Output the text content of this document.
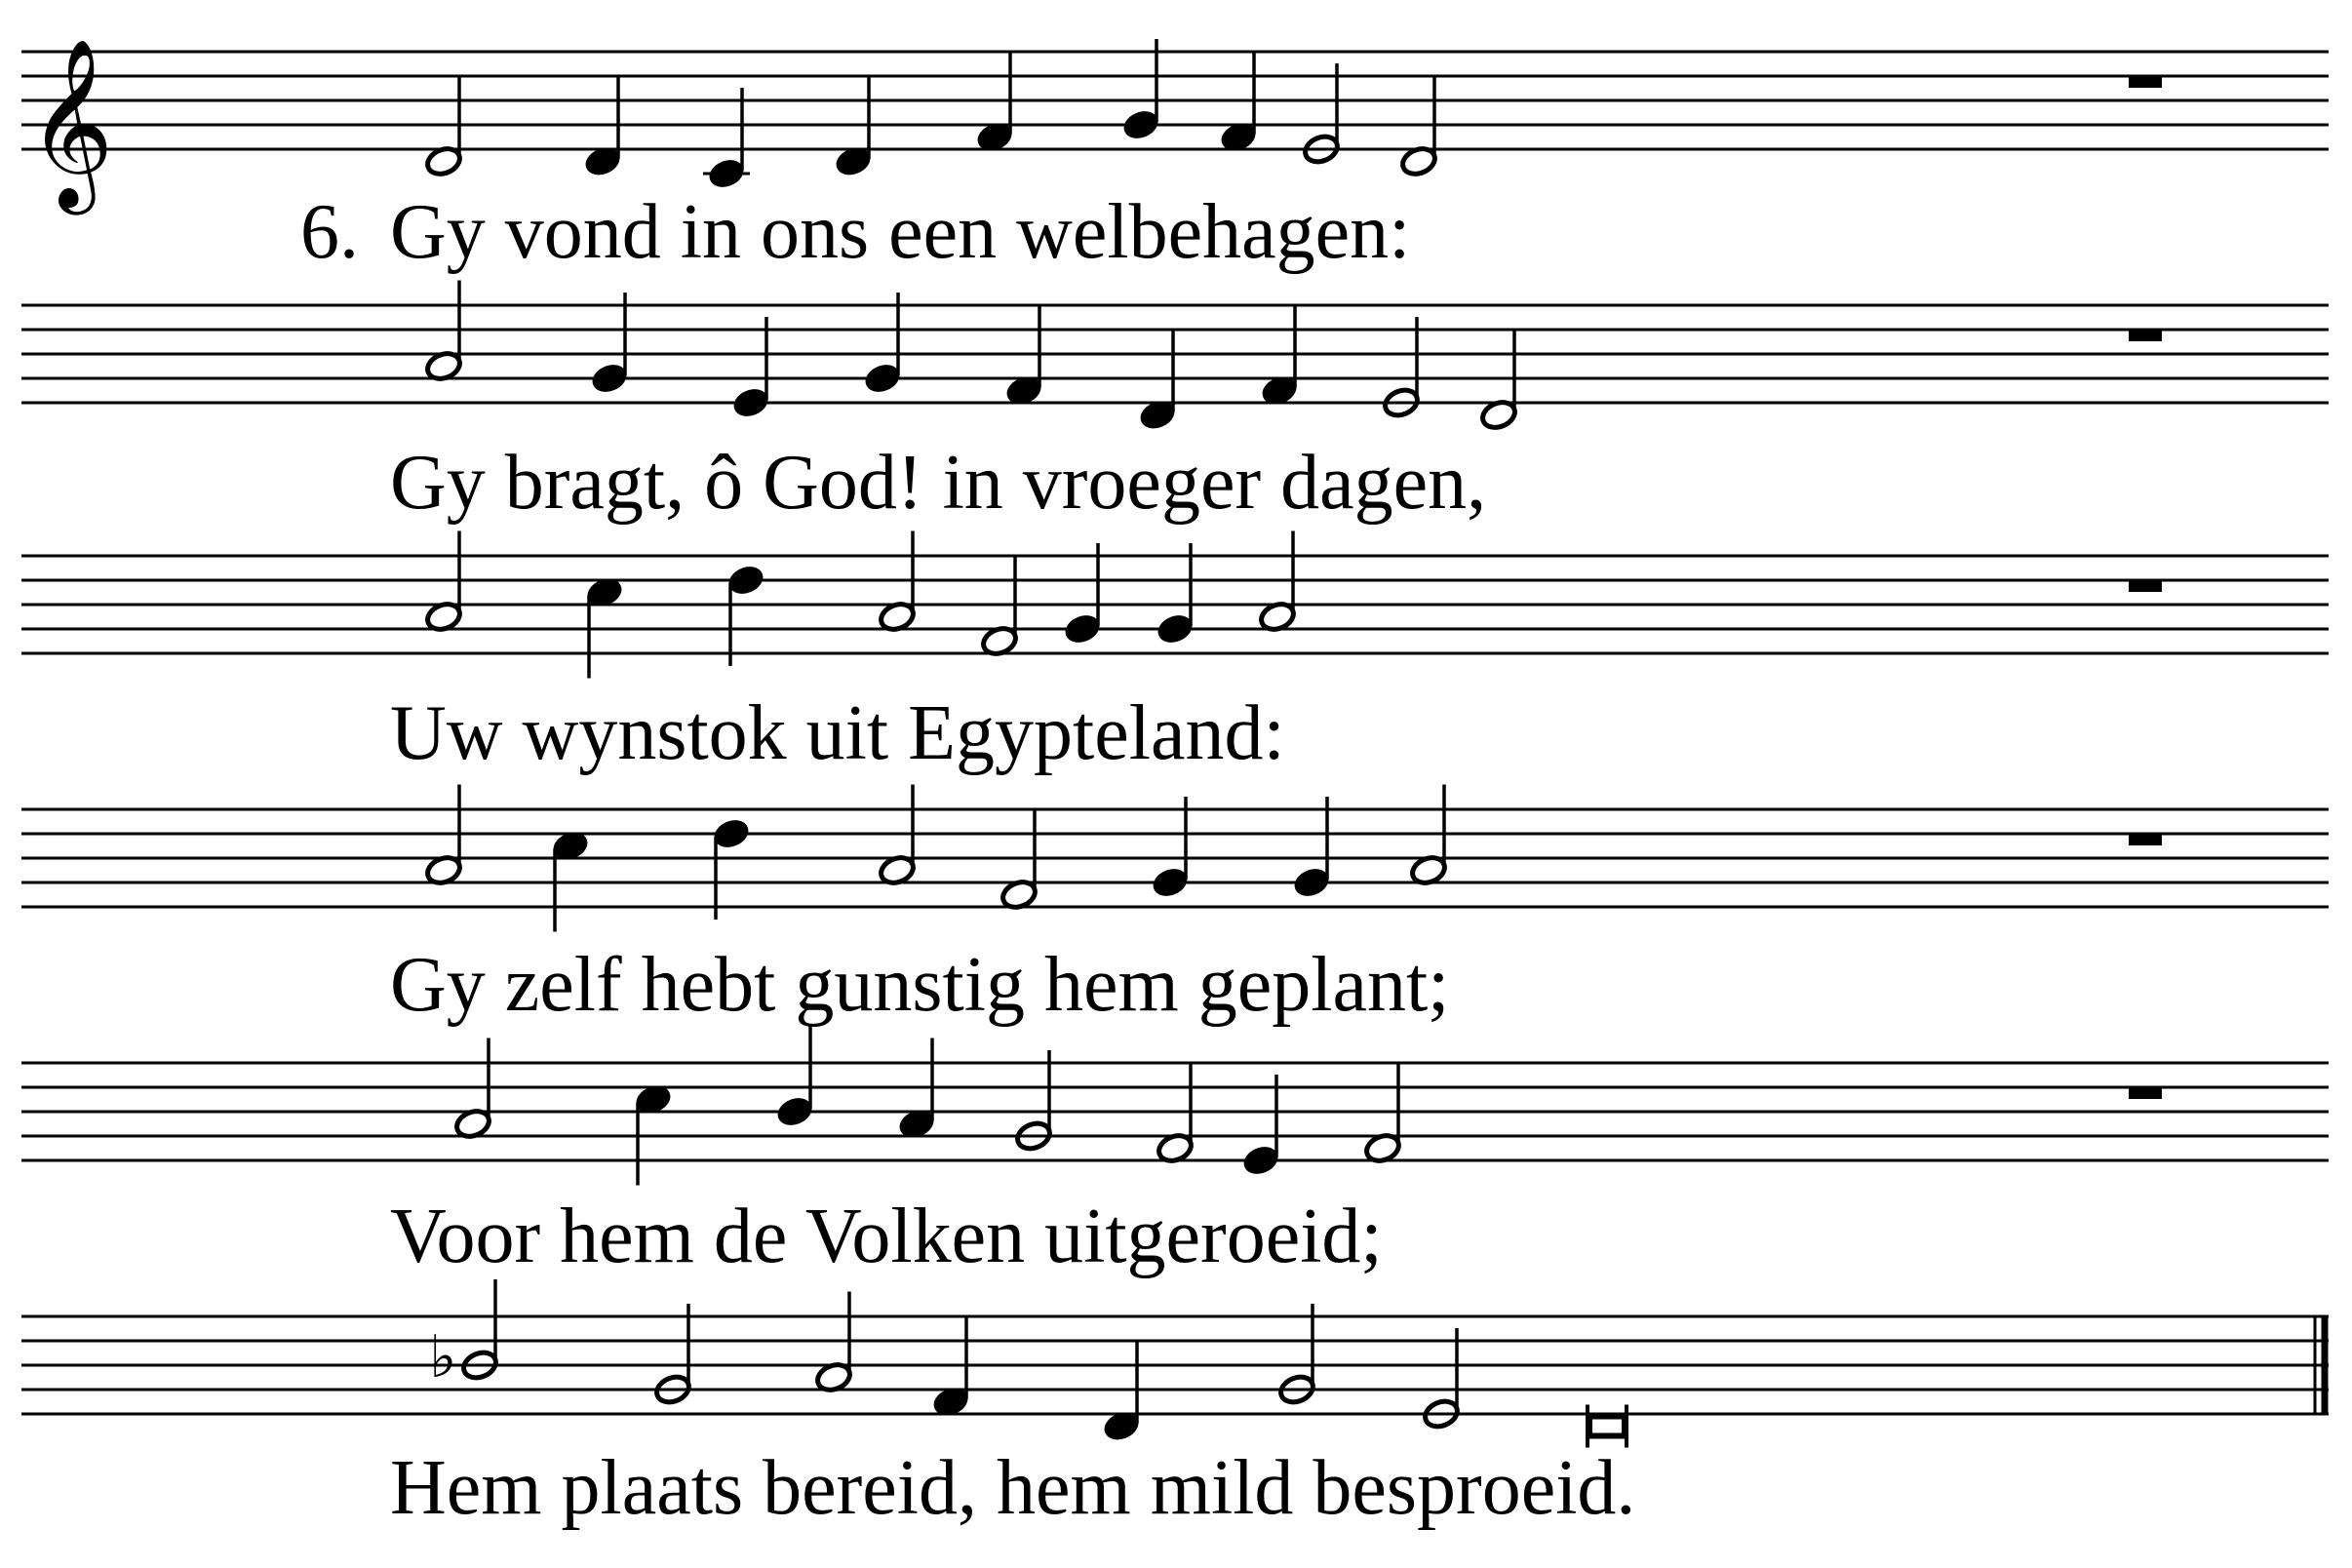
𝄞
♭
6. Gy vond in ons een welbehagen:
Gy bragt, ô God! in vroeger dagen,
Uw wynstok uit Egypteland:
Gy zelf hebt gunstig hem geplant;
Voor hem de Volken uitgeroeid;
Hem plaats bereid, hem mild besproeid.
